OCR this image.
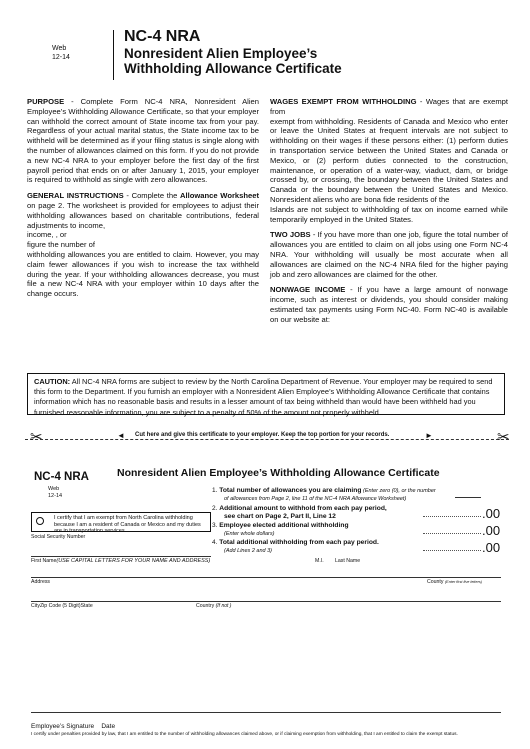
Web
12-14
NC-4 NRA
Nonresident Alien Employee’s
Withholding Allowance Certificate

PURPOSE - Complete Form NC-4 NRA, Nonresident Alien Employee’s Withholding Allowance Certificate, so that your employer can withhold the correct amount of State income tax from your pay. Regardless of your actual marital status, the State income tax to be withheld will be determined as if your filing status is single along with the number of allowances claimed on this form. If you do not provide a new NC-4 NRA to your employer before the first day of the first payroll period that ends on or after January 1, 2015, your employer is required to withhold as single with zero allowances.

GENERAL INSTRUCTIONS - Complete the Allowance Worksheet on page 2. The worksheet is provided for employees to adjust their withholding allowances based on charitable contributions, federal adjustments to income,

income, , or
figure the number of
withholding allowances you are entitled to claim. However, you may claim fewer allowances if you wish to increase the tax withheld during the year. If your withholding allowances decrease, you must file a new NC-4 NRA with your employer within 10 days after the change occurs.

WAGES EXEMPT FROM WITHHOLDING - Wages that are exempt from

exempt from withholding. Residents of Canada and Mexico who enter or leave the United States at frequent intervals are not subject to withholding on their wages if these persons either: (1) perform duties in transportation service between the United States and Canada or Mexico, or (2) perform duties connected to the construction, maintenance, or operation of a water-way, viaduct, dam, or bridge crossed by, or crossing, the boundary between the United States and Canada or the boundary between the United States and Mexico. Nonresident aliens who are bona fide residents of the

Islands are not subject to withholding of tax on income earned while temporarily employed in the United States.

TWO JOBS - If you have more than one job, figure the total number of allowances you are entitled to claim on all jobs using one Form NC-4 NRA. Your withholding will usually be most accurate when all allowances are claimed on the NC-4 NRA filed for the higher paying job and zero allowances are claimed for the other.

NONWAGE INCOME - If you have a large amount of nonwage income, such as interest or dividends, you should consider making estimated tax payments using Form NC-40. Form NC-40 is available on our website at:

CAUTION: All NC-4 NRA forms are subject to review by the North Carolina Department of Revenue. Your employer may be required to send this form to the Department. If you furnish an employer with a Nonresident Alien Employee’s Withholding Allowance Certificate that contains information which has no reasonable basis and results in a lesser amount of tax being withheld than would have been withheld had you furnished reasonable information, you are subject to a penalty of 50% of the amount not properly withheld.
✂	✂
◄	►
Cut here and give this certificate to your employer. Keep the top portion for your records.
NC-4 NRA
Web
12-14
Nonresident Alien Employee’s Withholding Allowance Certificate
1. Total number of allowances you are claiming (Enter zero (0), or the number
of allowances from Page 2, line 11 of the NC-4 NRA Allowance Worksheet)
2. Additional amount to withhold from each pay period,
see chart on Page 2, Part II, Line 12	.00
3. Employee elected additional withholding
(Enter whole dollars)	.00
4. Total additional withholding from each pay period.
(Add Lines 2 and 3)	.00
I certify that I am exempt from North Carolina withholding because I am a resident of Canada or Mexico and my duties are in transportation services.
Social Security Number
First Name(USE CAPITAL LETTERS FOR YOUR NAME AND ADDRESS)	M.I. Last Name
Address	County (Enter first five letters)
CityZip Code (5 Digit)State	Country (If not )
Employee’s Signature Date
I certify under penalties provided by law, that I am entitled to the number of withholding allowances claimed above, or if claiming exemption from withholding, that I am entitled to claim the exempt status.
